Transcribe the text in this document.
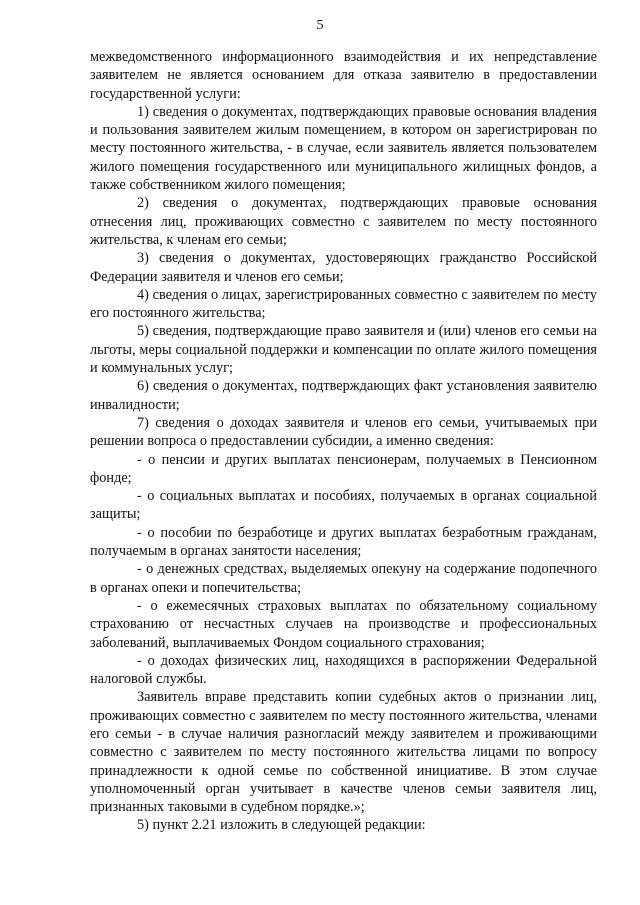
5

межведомственного информационного взаимодействия и их непредставление заявителем не является основанием для отказа заявителю в предоставлении государственной услуги:

1) сведения о документах, подтверждающих правовые основания владения и пользования заявителем жилым помещением, в котором он зарегистрирован по месту постоянного жительства, - в случае, если заявитель является пользователем жилого помещения государственного или муниципального жилищных фондов, а также собственником жилого помещения;

2) сведения о документах, подтверждающих правовые основания отнесения лиц, проживающих совместно с заявителем по месту постоянного жительства, к членам его семьи;

3) сведения о документах, удостоверяющих гражданство Российской Федерации заявителя и членов его семьи;

4) сведения о лицах, зарегистрированных совместно с заявителем по месту его постоянного жительства;

5) сведения, подтверждающие право заявителя и (или) членов его семьи на льготы, меры социальной поддержки и компенсации по оплате жилого помещения и коммунальных услуг;

6) сведения о документах, подтверждающих факт установления заявителю инвалидности;

7) сведения о доходах заявителя и членов его семьи, учитываемых при решении вопроса о предоставлении субсидии, а именно сведения:

- о пенсии и других выплатах пенсионерам, получаемых в Пенсионном фонде;

- о социальных выплатах и пособиях, получаемых в органах социальной защиты;

- о пособии по безработице и других выплатах безработным гражданам, получаемым в органах занятости населения;

- о денежных средствах, выделяемых опекуну на содержание подопечного в органах опеки и попечительства;

- о ежемесячных страховых выплатах по обязательному социальному страхованию от несчастных случаев на производстве и профессиональных заболеваний, выплачиваемых Фондом социального страхования;

- о доходах физических лиц, находящихся в распоряжении Федеральной налоговой службы.

Заявитель вправе представить копии судебных актов о признании лиц, проживающих совместно с заявителем по месту постоянного жительства, членами его семьи - в случае наличия разногласий между заявителем и проживающими совместно с заявителем по месту постоянного жительства лицами по вопросу принадлежности к одной семье по собственной инициативе. В этом случае уполномоченный орган учитывает в качестве членов семьи заявителя лиц, признанных таковыми в судебном порядке.»;

5) пункт 2.21 изложить в следующей редакции:
